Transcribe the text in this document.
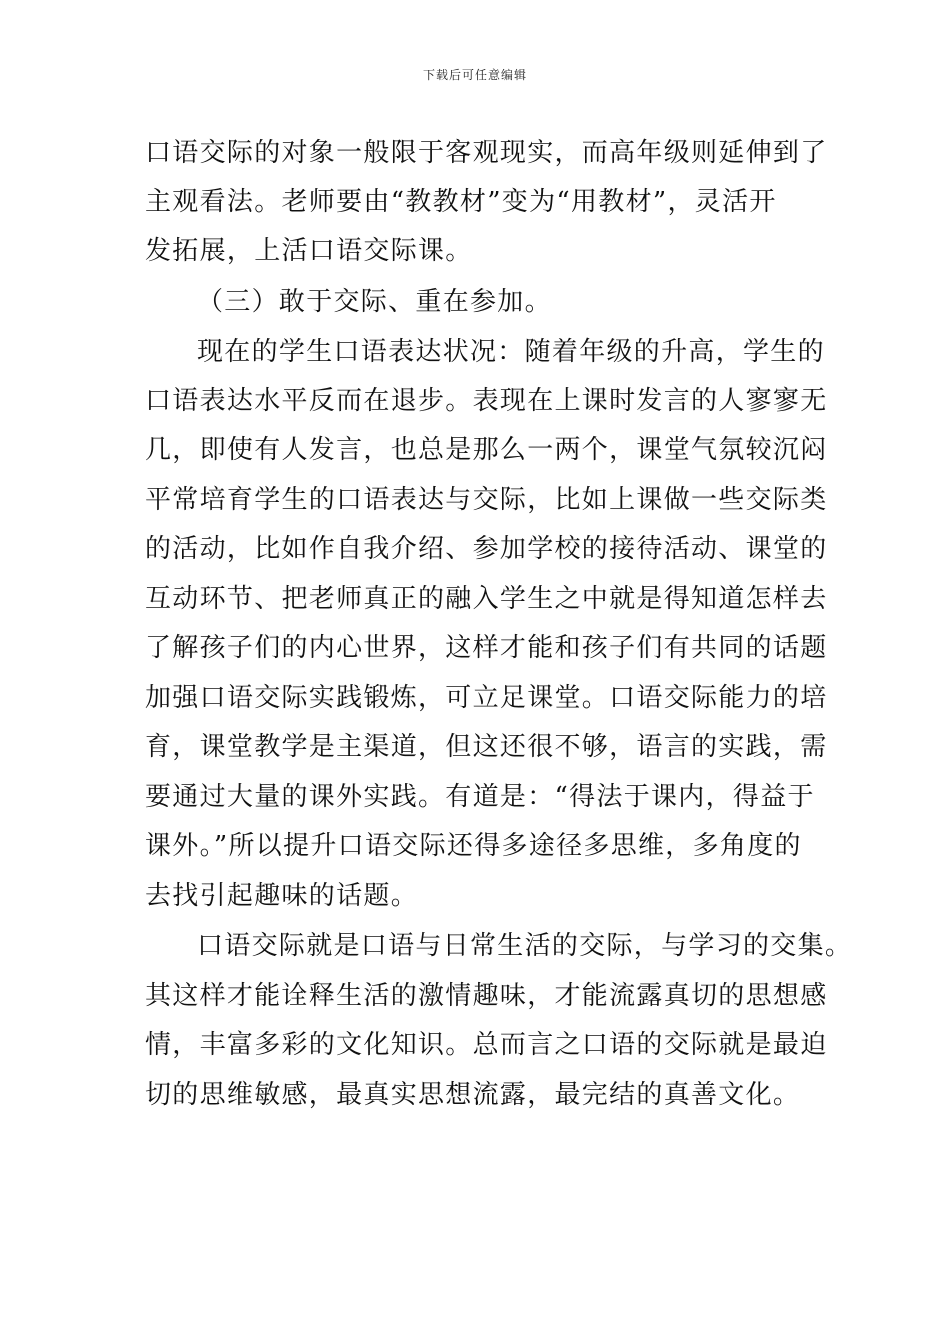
下载后可任意编辑
口语交际的对象一般限于客观现实，而高年级则延伸到了
主观看法。老师要由“教教材”变为“用教材”，灵活开
发拓展，上活口语交际课。
（三）敢于交际、重在参加。
现在的学生口语表达状况：随着年级的升高，学生的
口语表达水平反而在退步。表现在上课时发言的人寥寥无
几，即使有人发言，也总是那么一两个，课堂气氛较沉闷
平常培育学生的口语表达与交际，比如上课做一些交际类
的活动，比如作自我介绍、参加学校的接待活动、课堂的
互动环节、把老师真正的融入学生之中就是得知道怎样去
了解孩子们的内心世界，这样才能和孩子们有共同的话题
加强口语交际实践锻炼，可立足课堂。口语交际能力的培
育，课堂教学是主渠道，但这还很不够，语言的实践，需
要通过大量的课外实践。有道是：“得法于课内，得益于
课外。”所以提升口语交际还得多途径多思维，多角度的
去找引起趣味的话题。
口语交际就是口语与日常生活的交际，与学习的交集。
其这样才能诠释生活的激情趣味，才能流露真切的思想感
情，丰富多彩的文化知识。总而言之口语的交际就是最迫
切的思维敏感，最真实思想流露，最完结的真善文化。
